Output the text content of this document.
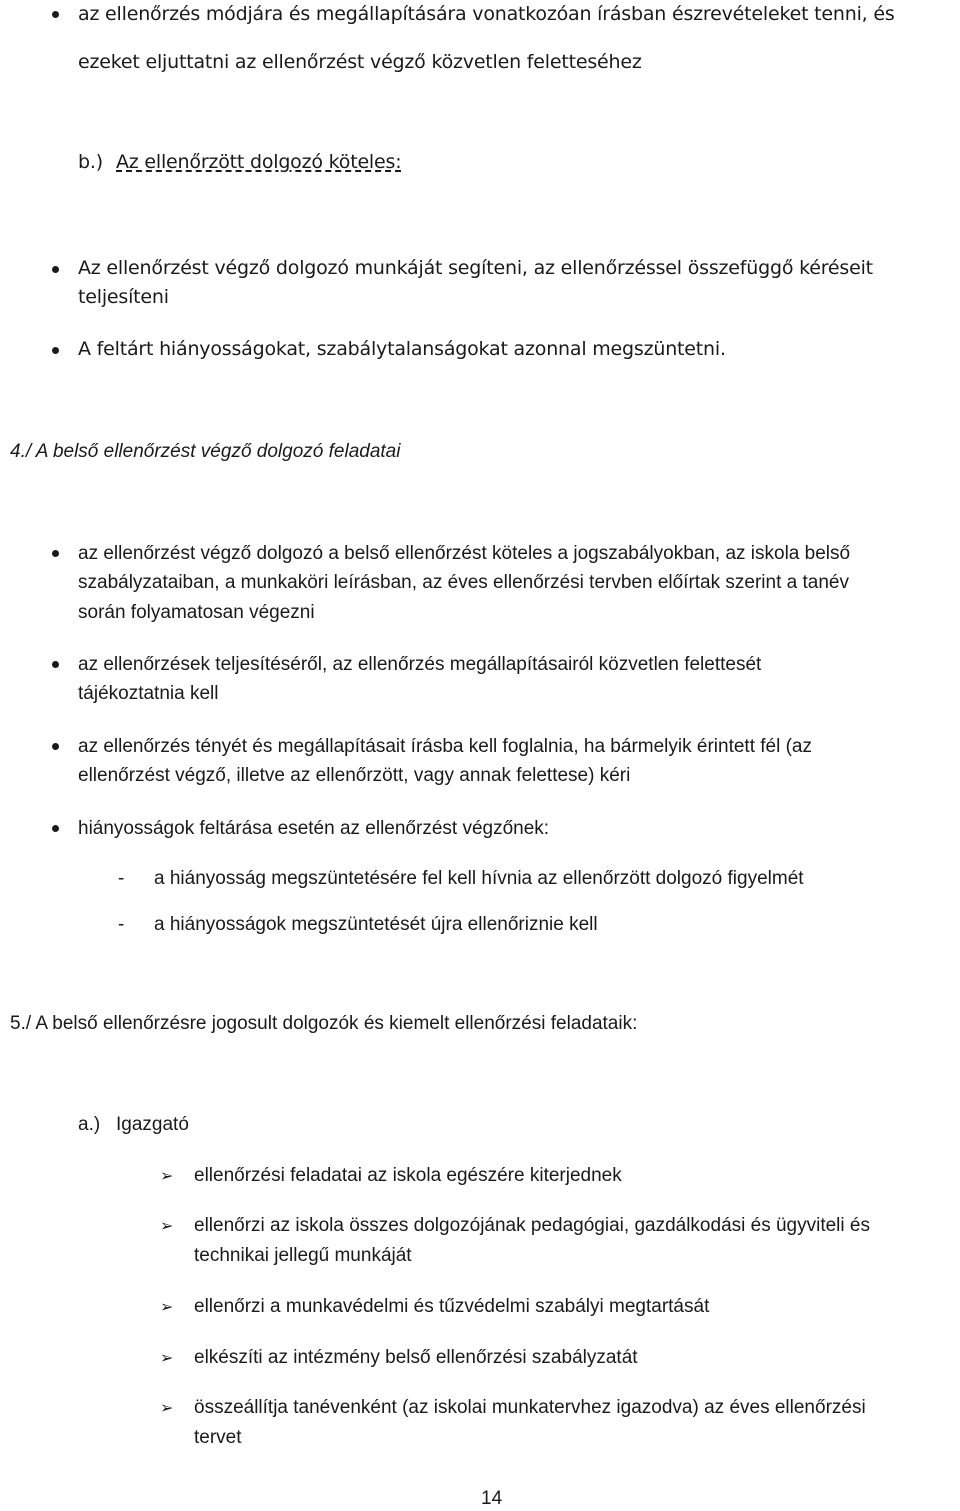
az ellenőrzés módjára és megállapítására vonatkozóan írásban észrevételeket tenni, és
ezeket eljuttatni az ellenőrzést végző közvetlen feletteséhez
b.) Az ellenőrzött dolgozó köteles:
Az ellenőrzést végző dolgozó munkáját segíteni, az ellenőrzéssel összefüggő kéréseit
teljesíteni
A feltárt hiányosságokat, szabálytalanságokat azonnal megszüntetni.
4./ A belső ellenőrzést végző dolgozó feladatai
az ellenőrzést végző dolgozó a belső ellenőrzést köteles a jogszabályokban, az iskola belső
szabályzataiban, a munkaköri leírásban, az éves ellenőrzési tervben előírtak szerint a tanév
során folyamatosan végezni
az ellenőrzések teljesítéséről, az ellenőrzés megállapításairól közvetlen felettesét
tájékoztatnia kell
az ellenőrzés tényét és megállapításait írásba kell foglalnia, ha bármelyik érintett fél (az
ellenőrzést végző, illetve az ellenőrzött, vagy annak felettese) kéri
hiányosságok feltárása esetén az ellenőrzést végzőnek:
- a hiányosság megszüntetésére fel kell hívnia az ellenőrzött dolgozó figyelmét
- a hiányosságok megszüntetését újra ellenőriznie kell
5./ A belső ellenőrzésre jogosult dolgozók és kiemelt ellenőrzési feladataik:
a.) Igazgató
➢ ellenőrzési feladatai az iskola egészére kiterjednek
➢ ellenőrzi az iskola összes dolgozójának pedagógiai, gazdálkodási és ügyviteli és
technikai jellegű munkáját
➢ ellenőrzi a munkavédelmi és tűzvédelmi szabályi megtartását
➢ elkészíti az intézmény belső ellenőrzési szabályzatát
➢ összeállítja tanévenként (az iskolai munkatervhez igazodva) az éves ellenőrzési
tervet
14
